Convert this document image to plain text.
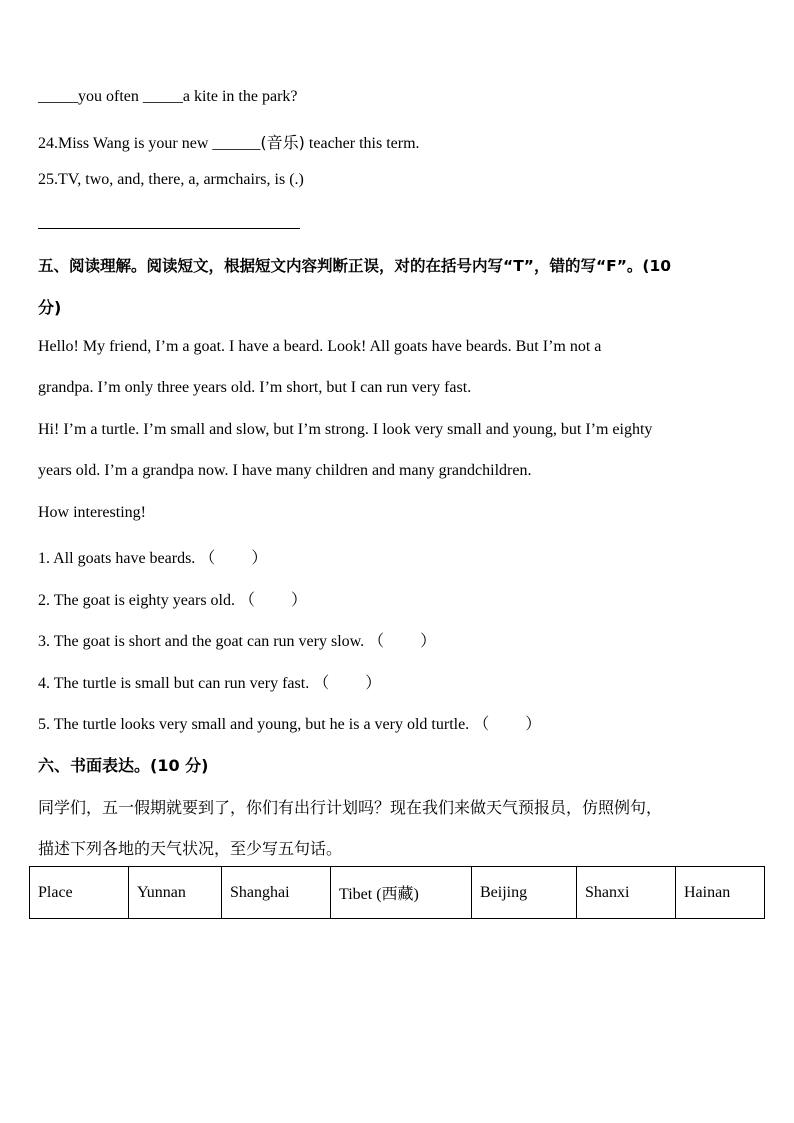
_____you often _____a kite in the park?
24.Miss Wang is your new ______(音乐) teacher this term.
25.TV, two, and, there, a, armchairs, is (.)
五、阅读理解。阅读短文，根据短文内容判断正误，对的在括号内写“T”，错的写“F”。(10
分)
Hello! My friend, I’m a goat. I have a beard. Look! All goats have beards. But I’m not a
grandpa. I’m only three years old. I’m short, but I can run very fast.
Hi! I’m a turtle. I’m small and slow, but I’m strong. I look very small and young, but I’m eighty
years old. I’m a grandpa now. I have many children and many grandchildren.
How interesting!
1. All goats have beards. （ ）
2. The goat is eighty years old. （ ）
3. The goat is short and the goat can run very slow. （ ）
4. The turtle is small but can run very fast. （ ）
5. The turtle looks very small and young, but he is a very old turtle. （ ）
六、书面表达。(10 分)
同学们，五一假期就要到了，你们有出行计划吗？现在我们来做天气预报员，仿照例句，
描述下列各地的天气状况，至少写五句话。
Place	Yunnan	Shanghai	Tibet (西藏)	Beijing	Shanxi	Hainan
